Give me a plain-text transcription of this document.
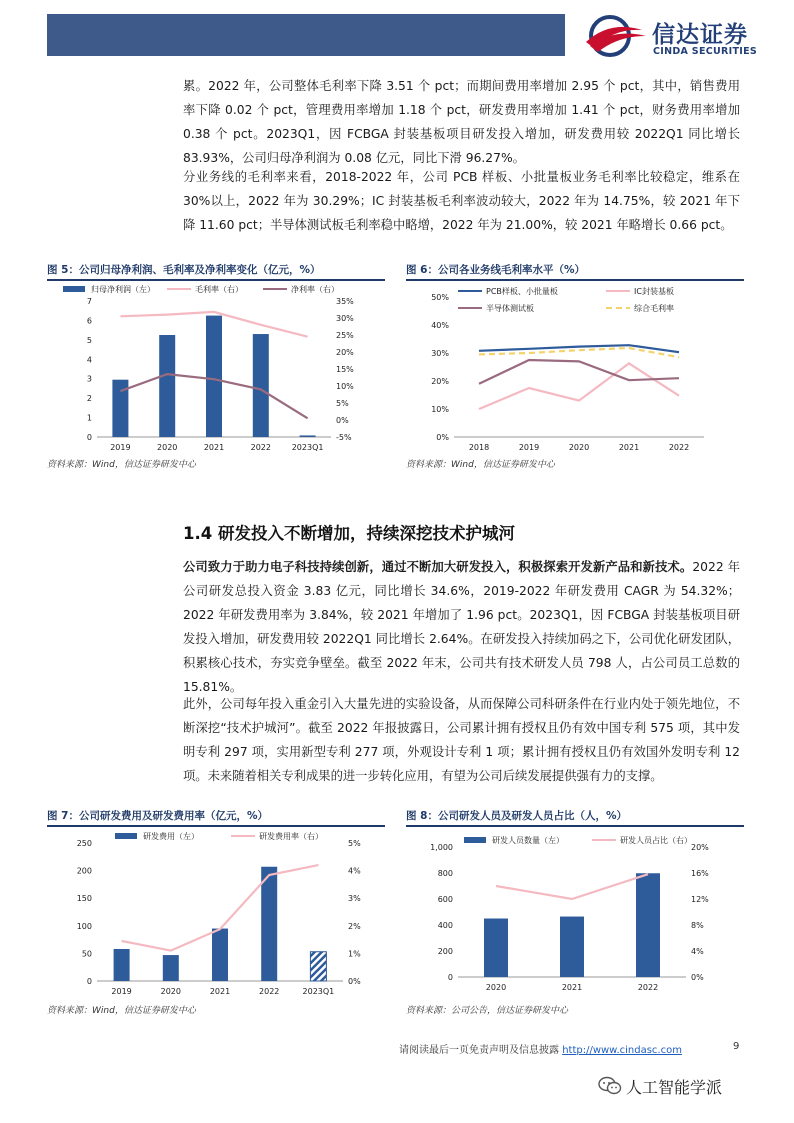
信达证券
CINDA SECURITIES

累。2022 年，公司整体毛利率下降 3.51 个 pct；而期间费用率增加 2.95 个 pct，其中，销售费用率下降 0.02 个 pct，管理费用率增加 1.18 个 pct，研发费用率增加 1.41 个 pct，财务费用率增加 0.38 个 pct。2023Q1，因 FCBGA 封装基板项目研发投入增加，研发费用较 2022Q1 同比增长 83.93%，公司归母净利润为 0.08 亿元，同比下滑 96.27%。

分业务线的毛利率来看，2018-2022 年，公司 PCB 样板、小批量板业务毛利率比较稳定，维系在 30%以上，2022 年为 30.29%；IC 封装基板毛利率波动较大，2022 年为 14.75%，较 2021 年下降 11.60 pct；半导体测试板毛利率稳中略增，2022 年为 21.00%，较 2021 年略增长 0.66 pct。

图 5：公司归母净利润、毛利率及净利率变化（亿元，%）
0
1
2
3
4
5
6
7
-5%
0%
5%
10%
15%
20%
25%
30%
35%
2019	2020	2021	2022	2023Q1
归母净利润（左）	毛利率（右）	净利率（右）
资料来源：Wind，信达证券研发中心
图 6：公司各业务线毛利率水平（%）
0%
10%
20%
30%
40%
50%
2018	2019	2020	2021	2022
PCB样板、小批量板	IC封装基板
半导体测试板	综合毛利率
资料来源：Wind，信达证券研发中心
1.4 研发投入不断增加，持续深挖技术护城河

公司致力于助力电子科技持续创新，通过不断加大研发投入，积极探索开发新产品和新技术。2022 年公司研发总投入资金 3.83 亿元，同比增长 34.6%，2019-2022 年研发费用 CAGR 为 54.32%；2022 年研发费用率为 3.84%，较 2021 年增加了 1.96 pct。2023Q1，因 FCBGA 封装基板项目研发投入增加，研发费用较 2022Q1 同比增长 2.64%。在研发投入持续加码之下，公司优化研发团队，积累核心技术，夯实竞争壁垒。截至 2022 年末，公司共有技术研发人员 798 人，占公司员工总数的 15.81%。

此外，公司每年投入重金引入大量先进的实验设备，从而保障公司科研条件在行业内处于领先地位，不断深挖“技术护城河”。截至 2022 年报披露日，公司累计拥有授权且仍有效中国专利 575 项，其中发明专利 297 项，实用新型专利 277 项，外观设计专利 1 项；累计拥有授权且仍有效国外发明专利 12 项。未来随着相关专利成果的进一步转化应用，有望为公司后续发展提供强有力的支撑。

图 7：公司研发费用及研发费用率（亿元，%）
0
50
100
150
200
250
0%
1%
2%
3%
4%
5%
2019	2020	2021	2022	2023Q1
研发费用（左）	研发费用率（右）
资料来源：Wind，信达证券研发中心
图 8：公司研发人员及研发人员占比（人，%）
0
200
400
600
800
1,000
0%
4%
8%
12%
16%
20%
2020	2021	2022
研发人员数量（左）	研发人员占比（右）
资料来源：公司公告，信达证券研发中心
请阅读最后一页免责声明及信息披露 http://www.cindasc.com	9
人工智能学派
